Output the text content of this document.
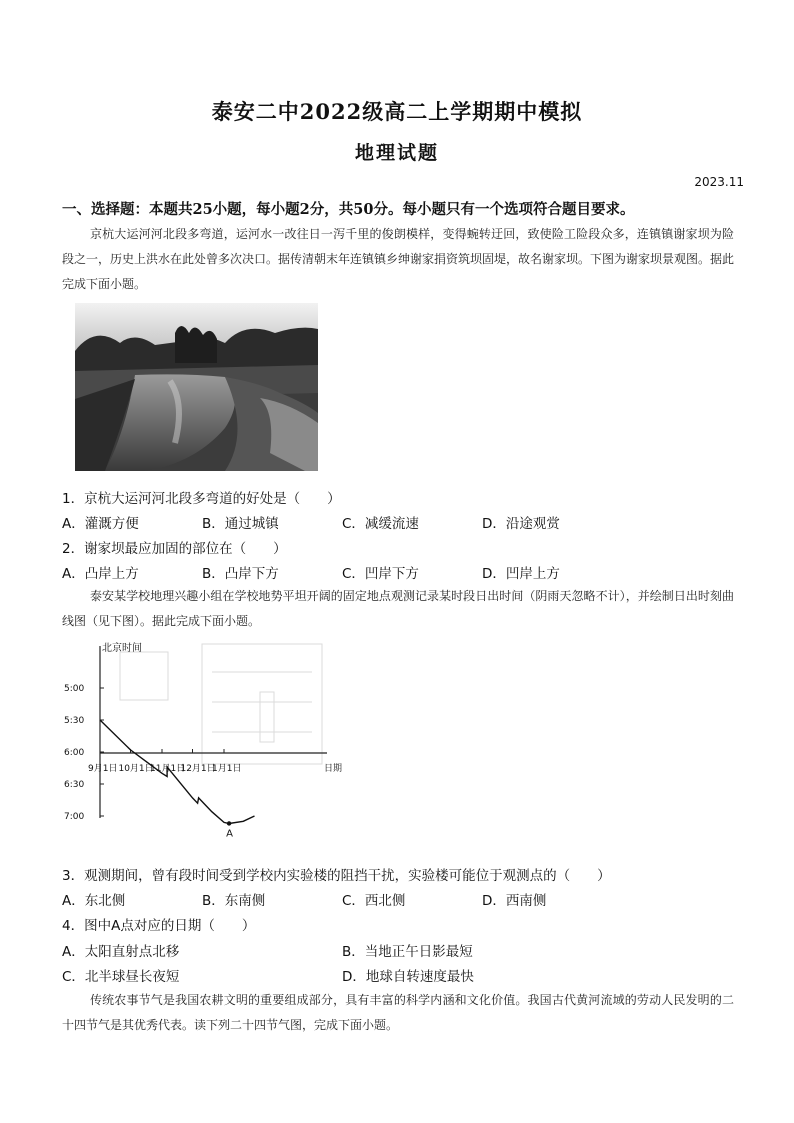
泰安二中2022级高二上学期期中模拟
地理试题
2023.11
一、选择题：本题共25小题，每小题2分，共50分。每小题只有一个选项符合题目要求。
京杭大运河河北段多弯道，运河水一改往日一泻千里的俊朗模样，变得蜿转迂回，致使险工险段众多，连镇镇谢家坝为险段之一，历史上洪水在此处曾多次决口。据传清朝末年连镇镇乡绅谢家捐资筑坝固堤，故名谢家坝。下图为谢家坝景观图。据此完成下面小题。
1．京杭大运河河北段多弯道的好处是（　　）
A．灌溉方便	B．通过城镇	C．减缓流速	D．沿途观赏
2．谢家坝最应加固的部位在（　　）
A．凸岸上方	B．凸岸下方	C．凹岸下方	D．凹岸上方
泰安某学校地理兴趣小组在学校地势平坦开阔的固定地点观测记录某时段日出时间（阴雨天忽略不计），并绘制日出时刻曲线图（见下图）。据此完成下面小题。
北京时间
日期
5:00
5:30
6:00
6:30
7:00
9月1日 10月1日
11月1日
12月1日
1月1日
A
3．观测期间，曾有段时间受到学校内实验楼的阻挡干扰，实验楼可能位于观测点的（　　）
A．东北侧	B．东南侧	C．西北侧	D．西南侧
4．图中A点对应的日期（　　）
A．太阳直射点北移	B．当地正午日影最短
C．北半球昼长夜短	D．地球自转速度最快
传统农事节气是我国农耕文明的重要组成部分，具有丰富的科学内涵和文化价值。我国古代黄河流域的劳动人民发明的二十四节气是其优秀代表。读下列二十四节气图，完成下面小题。
